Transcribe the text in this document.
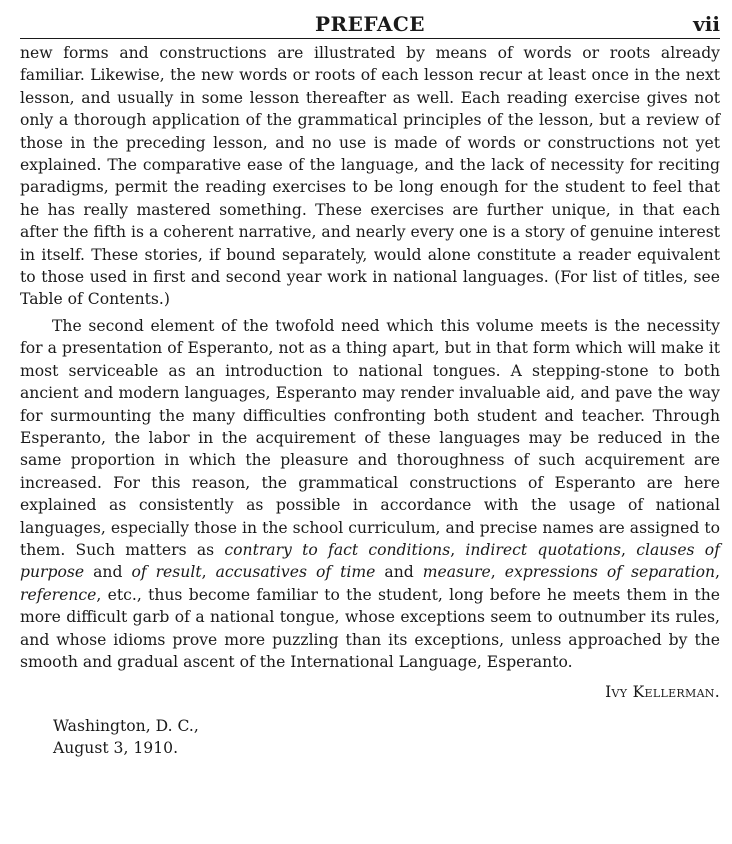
PREFACE	vii

new forms and constructions are illustrated by means of words or roots already familiar. Likewise, the new words or roots of each lesson recur at least once in the next lesson, and usually in some lesson thereafter as well. Each reading exercise gives not only a thorough application of the grammatical principles of the lesson, but a review of those in the preceding lesson, and no use is made of words or constructions not yet explained. The comparative ease of the language, and the lack of necessity for reciting paradigms, permit the reading exercises to be long enough for the student to feel that he has really mastered something. These exercises are further unique, in that each after the fifth is a coherent narrative, and nearly every one is a story of genuine interest in itself. These stories, if bound separately, would alone constitute a reader equivalent to those used in first and second year work in national languages. (For list of titles, see Table of Contents.)

The second element of the twofold need which this volume meets is the necessity for a presentation of Esperanto, not as a thing apart, but in that form which will make it most serviceable as an introduction to national tongues. A stepping-stone to both ancient and modern languages, Esperanto may render invaluable aid, and pave the way for surmounting the many difficulties confronting both student and teacher. Through Esperanto, the labor in the acquirement of these languages may be reduced in the same proportion in which the pleasure and thoroughness of such acquirement are increased. For this reason, the grammatical constructions of Esperanto are here explained as consistently as possible in accordance with the usage of national languages, especially those in the school curriculum, and precise names are assigned to them. Such matters as contrary to fact conditions, indirect quotations, clauses of purpose and of result, accusatives of time and measure, expressions of separation, reference, etc., thus become familiar to the student, long before he meets them in the more difficult garb of a national tongue, whose exceptions seem to outnumber its rules, and whose idioms prove more puzzling than its exceptions, unless approached by the smooth and gradual ascent of the International Language, Esperanto.

Ivy Kellerman.
Washington, D. C.,
August 3, 1910.
